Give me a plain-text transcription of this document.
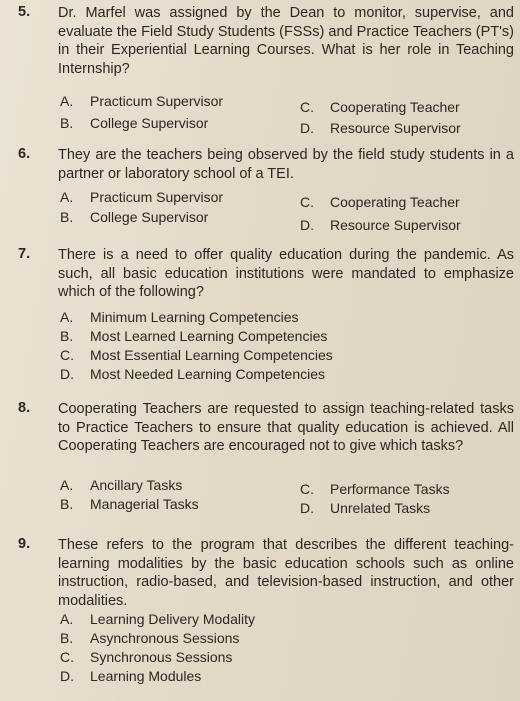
5. Dr. Marfel was assigned by the Dean to monitor, supervise, and evaluate the Field Study Students (FSSs) and Practice Teachers (PT's) in their Experiential Learning Courses. What is her role in Teaching Internship?
A. Practicum Supervisor	C. Cooperating Teacher
B. College Supervisor	D. Resource Supervisor
6. They are the teachers being observed by the field study students in a partner or laboratory school of a TEI.
A. Practicum Supervisor	C. Cooperating Teacher
B. College Supervisor	D. Resource Supervisor
7. There is a need to offer quality education during the pandemic. As such, all basic education institutions were mandated to emphasize which of the following?
A. Minimum Learning Competencies
B. Most Learned Learning Competencies
C. Most Essential Learning Competencies
D. Most Needed Learning Competencies
8. Cooperating Teachers are requested to assign teaching-related tasks to Practice Teachers to ensure that quality education is achieved. All Cooperating Teachers are encouraged not to give which tasks?
A. Ancillary Tasks	C. Performance Tasks
B. Managerial Tasks	D. Unrelated Tasks
9. These refers to the program that describes the different teaching-learning modalities by the basic education schools such as online instruction, radio-based, and television-based instruction, and other modalities.
A. Learning Delivery Modality
B. Asynchronous Sessions
C. Synchronous Sessions
D. Learning Modules
